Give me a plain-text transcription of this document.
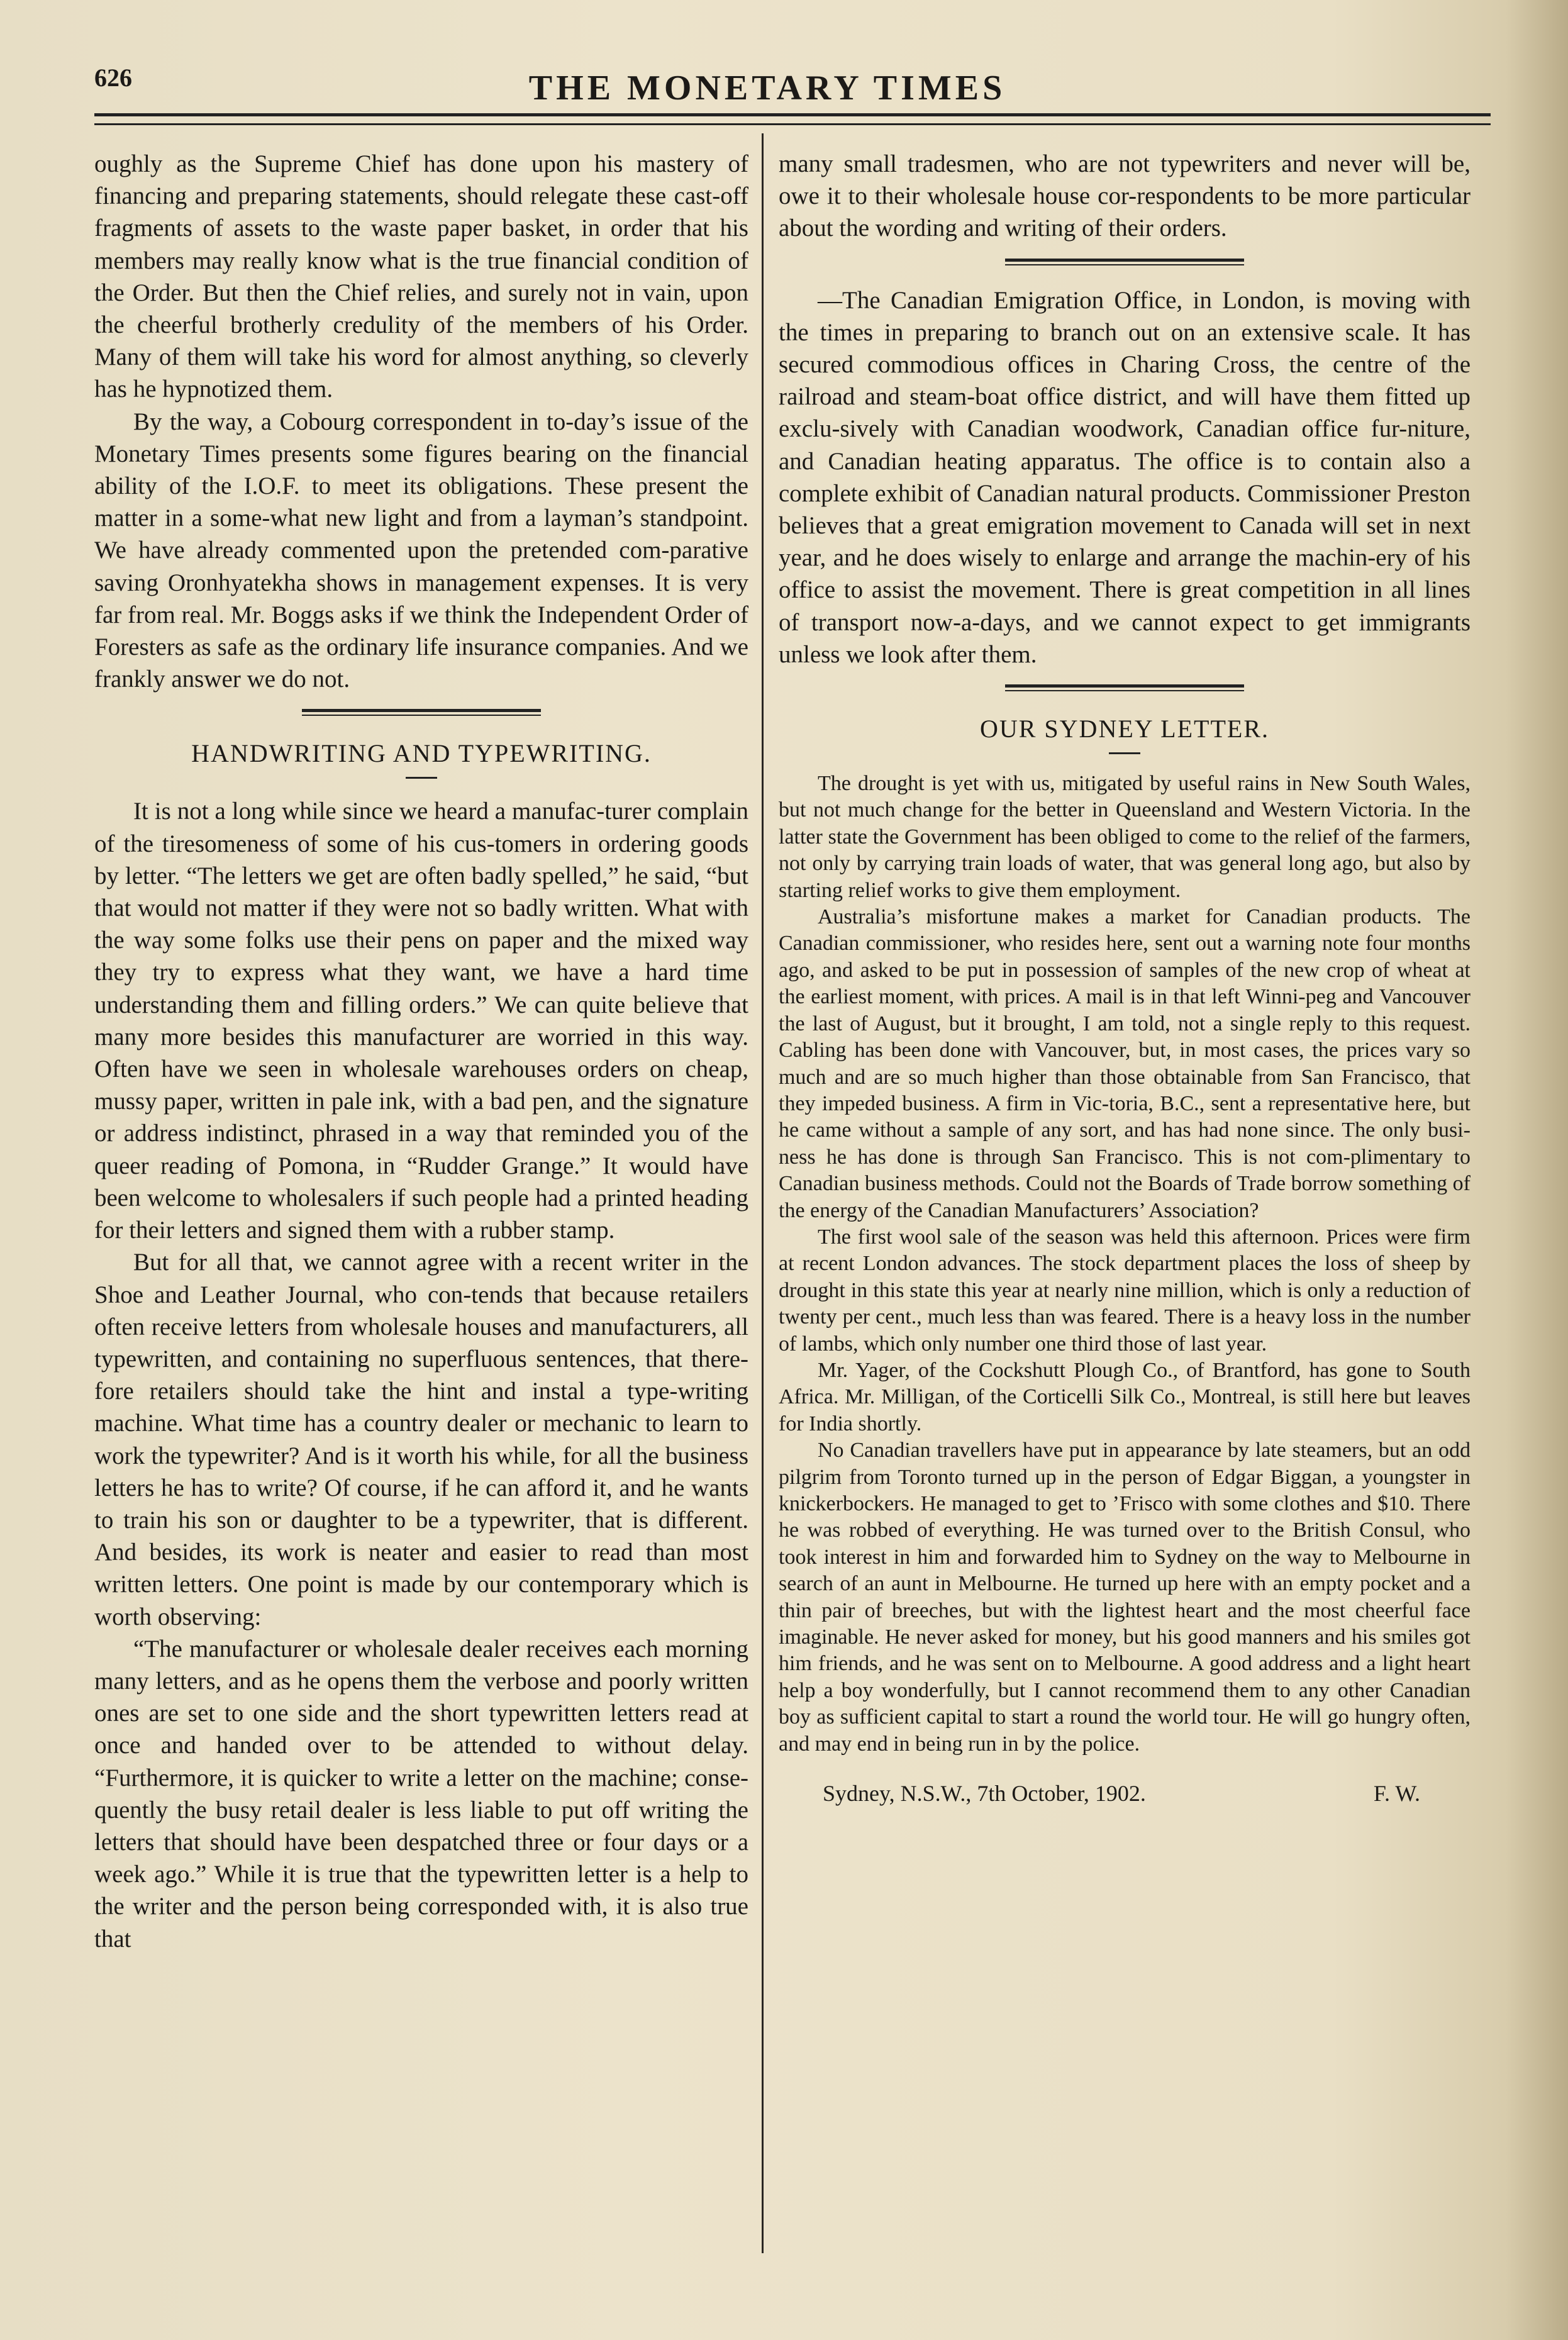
626	THE MONETARY TIMES

oughly as the Supreme Chief has done upon his mastery of financing and preparing statements, should relegate these cast-off fragments of assets to the waste paper basket, in order that his members may really know what is the true financial condition of the Order. But then the Chief relies, and surely not in vain, upon the cheerful brotherly credulity of the members of his Order. Many of them will take his word for almost anything, so cleverly has he hypnotized them.

By the way, a Cobourg correspondent in to-day’s issue of the Monetary Times presents some figures bearing on the financial ability of the I.O.F. to meet its obligations. These present the matter in a some-what new light and from a layman’s standpoint. We have already commented upon the pretended com-parative saving Oronhyatekha shows in management expenses. It is very far from real. Mr. Boggs asks if we think the Independent Order of Foresters as safe as the ordinary life insurance companies. And we frankly answer we do not.

HANDWRITING AND TYPEWRITING.

It is not a long while since we heard a manufac-turer complain of the tiresomeness of some of his cus-tomers in ordering goods by letter. “The letters we get are often badly spelled,” he said, “but that would not matter if they were not so badly written. What with the way some folks use their pens on paper and the mixed way they try to express what they want, we have a hard time understanding them and filling orders.” We can quite believe that many more besides this manufacturer are worried in this way. Often have we seen in wholesale warehouses orders on cheap, mussy paper, written in pale ink, with a bad pen, and the signature or address indistinct, phrased in a way that reminded you of the queer reading of Pomona, in “Rudder Grange.” It would have been welcome to wholesalers if such people had a printed heading for their letters and signed them with a rubber stamp.

But for all that, we cannot agree with a recent writer in the Shoe and Leather Journal, who con-tends that because retailers often receive letters from wholesale houses and manufacturers, all typewritten, and containing no superfluous sentences, that there-fore retailers should take the hint and instal a type-writing machine. What time has a country dealer or mechanic to learn to work the typewriter? And is it worth his while, for all the business letters he has to write? Of course, if he can afford it, and he wants to train his son or daughter to be a typewriter, that is different. And besides, its work is neater and easier to read than most written letters. One point is made by our contemporary which is worth observing:

“The manufacturer or wholesale dealer receives each morning many letters, and as he opens them the verbose and poorly written ones are set to one side and the short typewritten letters read at once and handed over to be attended to without delay. “Furthermore, it is quicker to write a letter on the machine; conse-quently the busy retail dealer is less liable to put off writing the letters that should have been despatched three or four days or a week ago.” While it is true that the typewritten letter is a help to the writer and the person being corresponded with, it is also true that

many small tradesmen, who are not typewriters and never will be, owe it to their wholesale house cor-respondents to be more particular about the wording and writing of their orders.

—The Canadian Emigration Office, in London, is moving with the times in preparing to branch out on an extensive scale. It has secured commodious offices in Charing Cross, the centre of the railroad and steam-boat office district, and will have them fitted up exclu-sively with Canadian woodwork, Canadian office fur-niture, and Canadian heating apparatus. The office is to contain also a complete exhibit of Canadian natural products. Commissioner Preston believes that a great emigration movement to Canada will set in next year, and he does wisely to enlarge and arrange the machin-ery of his office to assist the movement. There is great competition in all lines of transport now-a-days, and we cannot expect to get immigrants unless we look after them.

OUR SYDNEY LETTER.

The drought is yet with us, mitigated by useful rains in New South Wales, but not much change for the better in Queensland and Western Victoria. In the latter state the Government has been obliged to come to the relief of the farmers, not only by carrying train loads of water, that was general long ago, but also by starting relief works to give them employment.

Australia’s misfortune makes a market for Canadian products. The Canadian commissioner, who resides here, sent out a warning note four months ago, and asked to be put in possession of samples of the new crop of wheat at the earliest moment, with prices. A mail is in that left Winni-peg and Vancouver the last of August, but it brought, I am told, not a single reply to this request. Cabling has been done with Vancouver, but, in most cases, the prices vary so much and are so much higher than those obtainable from San Francisco, that they impeded business. A firm in Vic-toria, B.C., sent a representative here, but he came without a sample of any sort, and has had none since. The only busi-ness he has done is through San Francisco. This is not com-plimentary to Canadian business methods. Could not the Boards of Trade borrow something of the energy of the Canadian Manufacturers’ Association?

The first wool sale of the season was held this afternoon. Prices were firm at recent London advances. The stock department places the loss of sheep by drought in this state this year at nearly nine million, which is only a reduction of twenty per cent., much less than was feared. There is a heavy loss in the number of lambs, which only number one third those of last year.

Mr. Yager, of the Cockshutt Plough Co., of Brantford, has gone to South Africa. Mr. Milligan, of the Corticelli Silk Co., Montreal, is still here but leaves for India shortly.

No Canadian travellers have put in appearance by late steamers, but an odd pilgrim from Toronto turned up in the person of Edgar Biggan, a youngster in knickerbockers. He managed to get to ’Frisco with some clothes and $10. There he was robbed of everything. He was turned over to the British Consul, who took interest in him and forwarded him to Sydney on the way to Melbourne in search of an aunt in Melbourne. He turned up here with an empty pocket and a thin pair of breeches, but with the lightest heart and the most cheerful face imaginable. He never asked for money, but his good manners and his smiles got him friends, and he was sent on to Melbourne. A good address and a light heart help a boy wonderfully, but I cannot recommend them to any other Canadian boy as sufficient capital to start a round the world tour. He will go hungry often, and may end in being run in by the police.

Sydney, N.S.W., 7th October, 1902.	F. W.
